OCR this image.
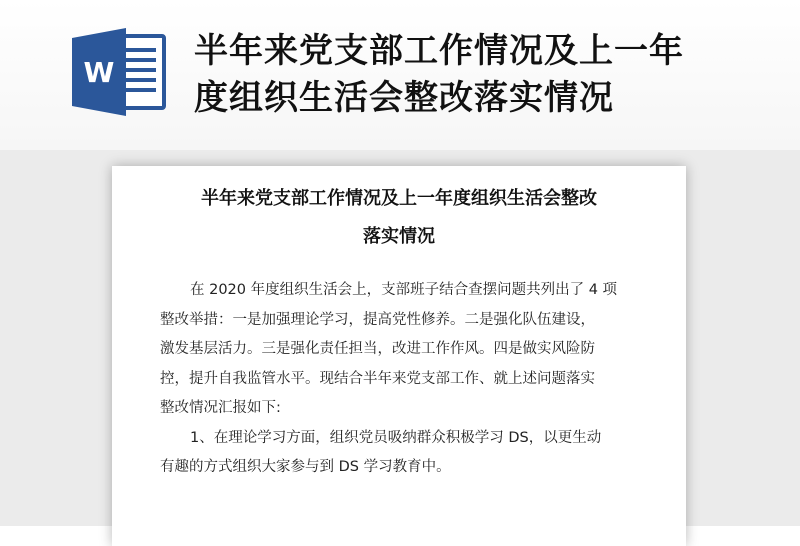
W
半年来党支部工作情况及上一年
度组织生活会整改落实情况
半年来党支部工作情况及上一年度组织生活会整改
落实情况
在 2020 年度组织生活会上，支部班子结合查摆问题共列出了 4 项
整改举措：一是加强理论学习，提高党性修养。二是强化队伍建设，
激发基层活力。三是强化责任担当，改进工作作风。四是做实风险防
控，提升自我监管水平。现结合半年来党支部工作、就上述问题落实
整改情况汇报如下:
1、在理论学习方面，组织党员吸纳群众积极学习 DS，以更生动
有趣的方式组织大家参与到 DS 学习教育中。
